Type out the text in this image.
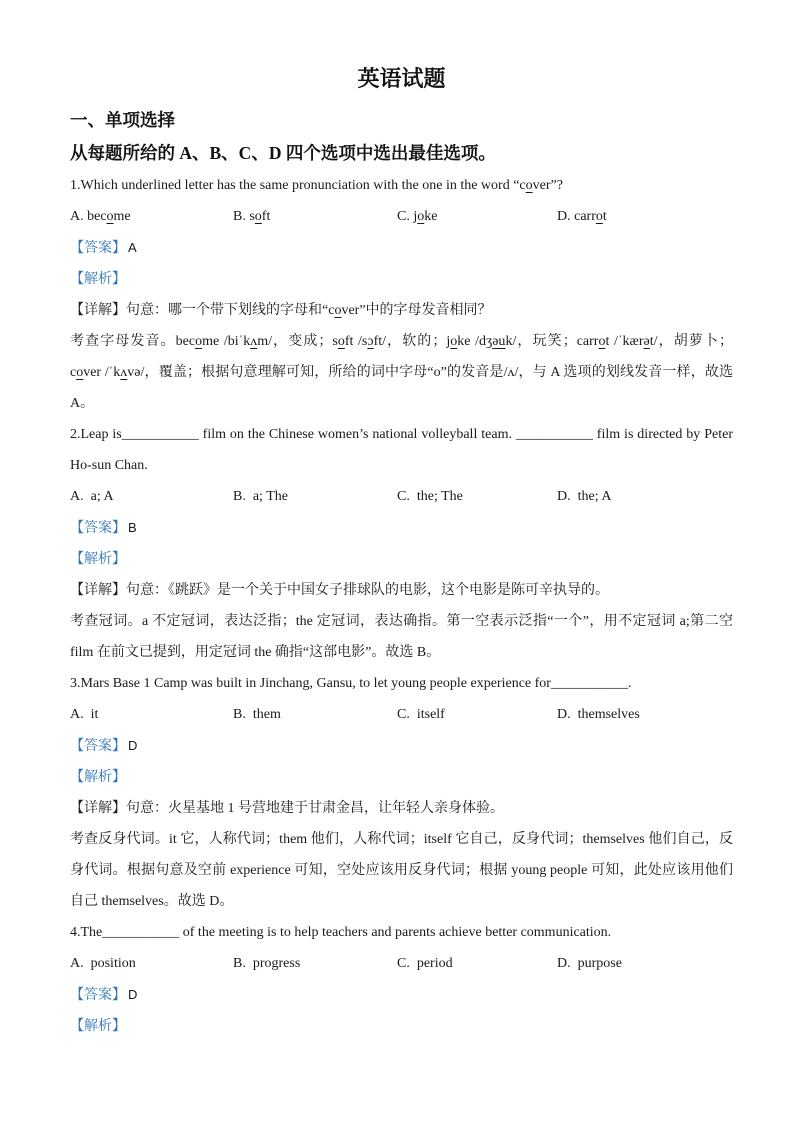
英语试题
一、单项选择
从每题所给的 A、B、C、D 四个选项中选出最佳选项。

1.Which underlined letter has the same pronunciation with the one in the word “cover”?

A. become	B. soft	C. joke	D. carrot

【答案】 A

【解析】

【详解】句意：哪一个带下划线的字母和“cover”中的字母发音相同？

考查字母发音。become /biˈkʌm/，变成；soft /sɔft/，软的；joke /dʒəuk/，玩笑；carrot /ˈkærət/，胡萝卜；cover /ˈkʌvə/，覆盖；根据句意理解可知，所给的词中字母“o”的发音是/ʌ/，与 A 选项的划线发音一样，故选 A。

2.Leap is___________ film on the Chinese women’s national volleyball team. ___________ film is directed by Peter Ho-sun Chan.

A.  a; A	B.  a; The	C.  the; The	D.  the; A

【答案】 B

【解析】

【详解】句意：《跳跃》是一个关于中国女子排球队的电影，这个电影是陈可辛执导的。

考查冠词。a 不定冠词，表达泛指；the 定冠词，表达确指。第一空表示泛指“一个”，用不定冠词 a;第二空 film 在前文已提到，用定冠词 the 确指“这部电影”。故选 B。

3.Mars Base 1 Camp was built in Jinchang, Gansu, to let young people experience for___________.

A.  it	B.  them	C.  itself	D.  themselves

【答案】 D

【解析】

【详解】句意：火星基地 1 号营地建于甘肃金昌，让年轻人亲身体验。

考查反身代词。it 它，人称代词；them 他们，人称代词；itself 它自己，反身代词；themselves 他们自己，反身代词。根据句意及空前 experience 可知，空处应该用反身代词；根据 young people 可知，此处应该用他们自己 themselves。故选 D。

4.The___________ of the meeting is to help teachers and parents achieve better communication.

A.  position	B.  progress	C.  period	D.  purpose

【答案】 D

【解析】
